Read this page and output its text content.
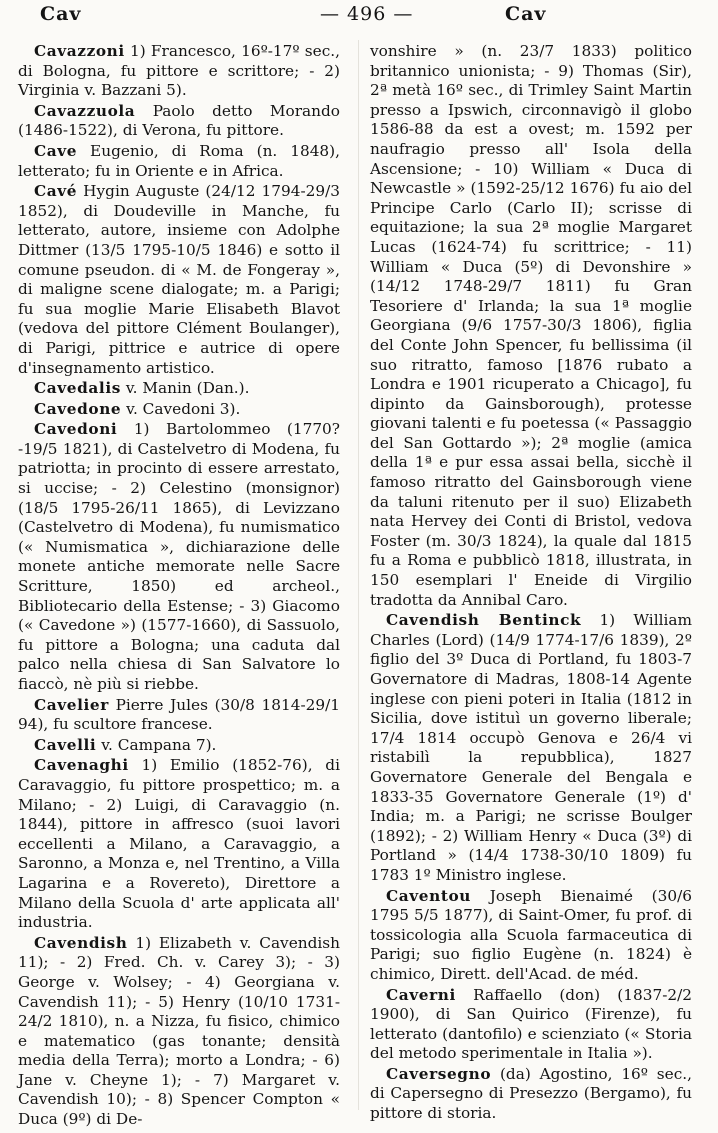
Cav	— 496 —	Cav

Cavazzoni 1) Francesco, 16º-17º sec., di Bologna, fu pittore e scrittore; - 2) Virginia v. Bazzani 5).

Cavazzuola Paolo detto Morando (1486-1522), di Verona, fu pittore.

Cave Eugenio, di Roma (n. 1848), letterato; fu in Oriente e in Africa.

Cavé Hygin Auguste (24/12 1794-29/3 1852), di Doudeville in Manche, fu letterato, autore, insieme con Adolphe Dittmer (13/5 1795-10/5 1846) e sotto il comune pseudon. di « M. de Fongeray », di maligne scene dialogate; m. a Parigi; fu sua moglie Marie Elisabeth Blavot (vedova del pittore Clément Boulanger), di Parigi, pittrice e autrice di opere d'insegnamento artistico.

Cavedalis v. Manin (Dan.).

Cavedone v. Cavedoni 3).

Cavedoni 1) Bartolommeo (1770?-19/5 1821), di Castelvetro di Modena, fu patriotta; in procinto di essere arrestato, si uccise; - 2) Celestino (monsignor) (18/5 1795-26/11 1865), di Levizzano (Castelvetro di Modena), fu numismatico (« Numismatica », dichiarazione delle monete antiche memorate nelle Sacre Scritture, 1850) ed archeol., Bibliotecario della Estense; - 3) Giacomo (« Cavedone ») (1577-1660), di Sassuolo, fu pittore a Bologna; una caduta dal palco nella chiesa di San Salvatore lo fiaccò, nè più si riebbe.

Cavelier Pierre Jules (30/8 1814-29/1 94), fu scultore francese.

Cavelli v. Campana 7).

Cavenaghi 1) Emilio (1852-76), di Caravaggio, fu pittore prospettico; m. a Milano; - 2) Luigi, di Caravaggio (n. 1844), pittore in affresco (suoi lavori eccellenti a Milano, a Caravaggio, a Saronno, a Monza e, nel Trentino, a Villa Lagarina e a Rovereto), Direttore a Milano della Scuola d' arte applicata all' industria.

Cavendish 1) Elizabeth v. Cavendish 11); - 2) Fred. Ch. v. Carey 3); - 3) George v. Wolsey; - 4) Georgiana v. Cavendish 11); - 5) Henry (10/10 1731-24/2 1810), n. a Nizza, fu fisico, chimico e matematico (gas tonante; densità media della Terra); morto a Londra; - 6) Jane v. Cheyne 1); - 7) Margaret v. Cavendish 10); - 8) Spencer Compton « Duca (9º) di De-

vonshire » (n. 23/7 1833) politico britannico unionista; - 9) Thomas (Sir), 2ª metà 16º sec., di Trimley Saint Martin presso a Ipswich, circonnavigò il globo 1586-88 da est a ovest; m. 1592 per naufragio presso all' Isola della Ascensione; - 10) William « Duca di Newcastle » (1592-25/12 1676) fu aio del Principe Carlo (Carlo II); scrisse di equitazione; la sua 2ª moglie Margaret Lucas (1624-74) fu scrittrice; - 11) William « Duca (5º) di Devonshire » (14/12 1748-29/7 1811) fu Gran Tesoriere d' Irlanda; la sua 1ª moglie Georgiana (9/6 1757-30/3 1806), figlia del Conte John Spencer, fu bellissima (il suo ritratto, famoso [1876 rubato a Londra e 1901 ricuperato a Chicago], fu dipinto da Gainsborough), protesse giovani talenti e fu poetessa (« Passaggio del San Gottardo »); 2ª moglie (amica della 1ª e pur essa assai bella, sicchè il famoso ritratto del Gainsborough viene da taluni ritenuto per il suo) Elizabeth nata Hervey dei Conti di Bristol, vedova Foster (m. 30/3 1824), la quale dal 1815 fu a Roma e pubblicò 1818, illustrata, in 150 esemplari l' Eneide di Virgilio tradotta da Annibal Caro.

Cavendish Bentinck 1) William Charles (Lord) (14/9 1774-17/6 1839), 2º figlio del 3º Duca di Portland, fu 1803-7 Governatore di Madras, 1808-14 Agente inglese con pieni poteri in Italia (1812 in Sicilia, dove istituì un governo liberale; 17/4 1814 occupò Genova e 26/4 vi ristabilì la repubblica), 1827 Governatore Generale del Bengala e 1833-35 Governatore Generale (1º) d' India; m. a Parigi; ne scrisse Boulger (1892); - 2) William Henry « Duca (3º) di Portland » (14/4 1738-30/10 1809) fu 1783 1º Ministro inglese.

Caventou Joseph Bienaimé (30/6 1795 5/5 1877), di Saint-Omer, fu prof. di tossicologia alla Scuola farmaceutica di Parigi; suo figlio Eugène (n. 1824) è chimico, Dirett. dell'Acad. de méd.

Caverni Raffaello (don) (1837-2/2 1900), di San Quirico (Firenze), fu letterato (dantofilo) e scienziato (« Storia del metodo sperimentale in Italia »).

Caversegno (da) Agostino, 16º sec., di Capersegno di Presezzo (Bergamo), fu pittore di storia.
